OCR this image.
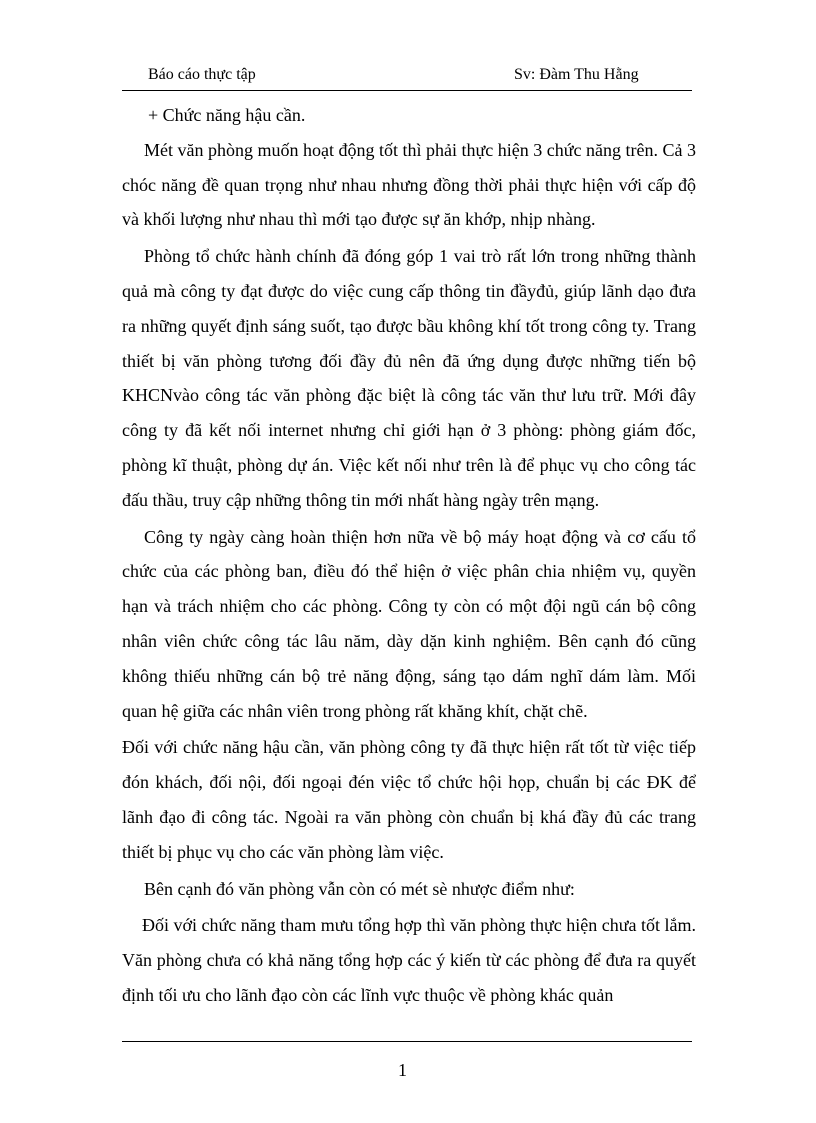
Báo cáo thực tập	Sv: Đàm Thu Hằng

+ Chức năng hậu cần.

Mét văn phòng muốn hoạt động tốt thì phải thực hiện 3 chức năng trên. Cả 3 chóc năng đề quan trọng như nhau nhưng đồng thời phải thực hiện với cấp độ và khối lượng như nhau thì mới tạo được sự ăn khớp, nhịp nhàng.

Phòng tổ chức hành chính đã đóng góp 1 vai trò rất lớn trong những thành quả mà công ty đạt được do việc cung cấp thông tin đầyđủ, giúp lãnh dạo đưa ra những quyết định sáng suốt, tạo được bầu không khí tốt trong công ty. Trang thiết bị văn phòng tương đối đầy đủ nên đã ứng dụng được những tiến bộ KHCNvào công tác văn phòng đặc biệt là công tác văn thư lưu trữ. Mới đây công ty đã kết nối internet nhưng chỉ giới hạn ở 3 phòng: phòng giám đốc, phòng kĩ thuật, phòng dự án. Việc kết nối như trên là để phục vụ cho công tác đấu thầu, truy cập những thông tin mới nhất hàng ngày trên mạng.

Công ty ngày càng hoàn thiện hơn nữa về bộ máy hoạt động và cơ cấu tổ chức của các phòng ban, điều đó thể hiện ở việc phân chia nhiệm vụ, quyền hạn và trách nhiệm cho các phòng. Công ty còn có một đội ngũ cán bộ công nhân viên chức công tác lâu năm, dày dặn kinh nghiệm. Bên cạnh đó cũng không thiếu những cán bộ trẻ năng động, sáng tạo dám nghĩ dám làm. Mối quan hệ giữa các nhân viên trong phòng rất khăng khít, chặt chẽ.

Đối với chức năng hậu cần, văn phòng công ty đã thực hiện rất tốt từ việc tiếp đón khách, đối nội, đối ngoại đén việc tổ chức hội họp, chuẩn bị các ĐK để lãnh đạo đi công tác. Ngoài ra văn phòng còn chuẩn bị khá đầy đủ các trang thiết bị phục vụ cho các văn phòng làm việc.

Bên cạnh đó văn phòng vẫn còn có mét sè nhược điểm như:

Đối với chức năng tham mưu tổng hợp thì văn phòng thực hiện chưa tốt lắm. Văn phòng chưa có khả năng tổng hợp các ý kiến từ các phòng để đưa ra quyết định tối ưu cho lãnh đạo còn các lĩnh vực thuộc về phòng khác quản

1
